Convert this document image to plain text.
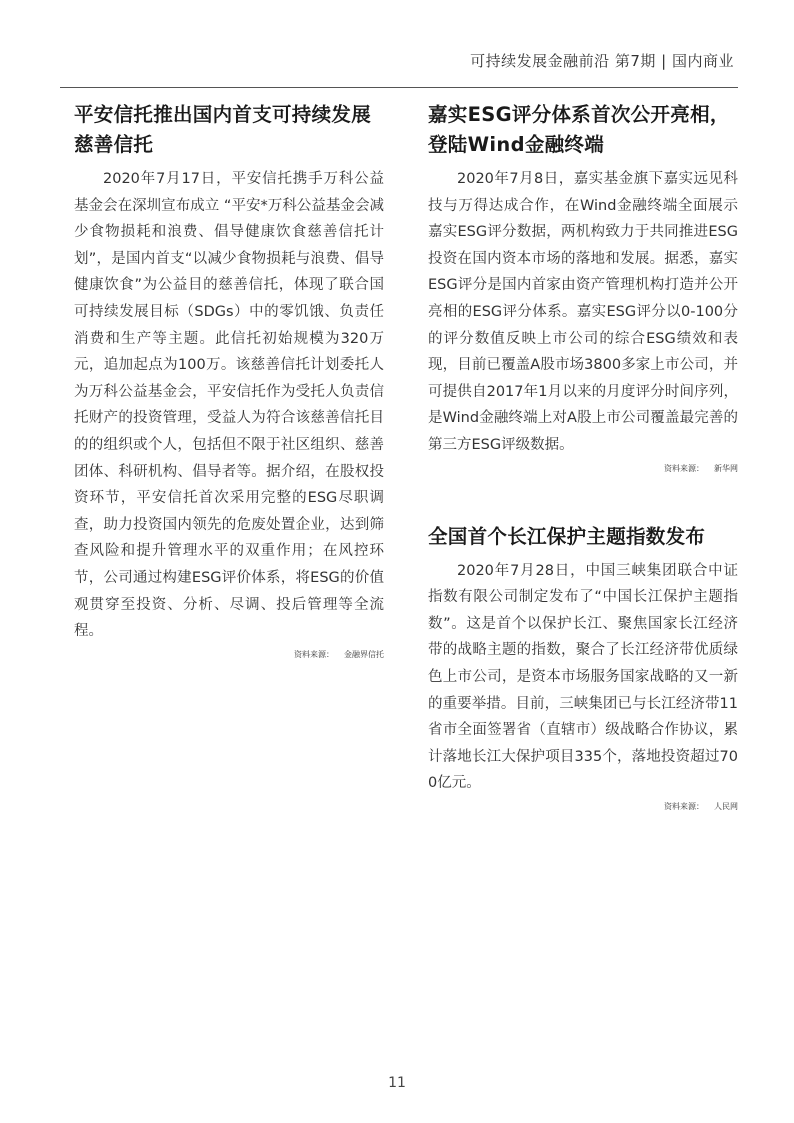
可持续发展金融前沿 第7期 | 国内商业
平安信托推出国内首支可持续发展慈善信托

2020年7月17日，平安信托携手万科公益基金会在深圳宣布成立 “平安*万科公益基金会减少食物损耗和浪费、倡导健康饮食慈善信托计划”，是国内首支“以减少食物损耗与浪费、倡导健康饮食”为公益目的慈善信托，体现了联合国可持续发展目标（SDGs）中的零饥饿、负责任消费和生产等主题。此信托初始规模为320万元，追加起点为100万。该慈善信托计划委托人为万科公益基金会，平安信托作为受托人负责信托财产的投资管理，受益人为符合该慈善信托目的的组织或个人，包括但不限于社区组织、慈善团体、科研机构、倡导者等。据介绍，在股权投资环节，平安信托首次采用完整的ESG尽职调查，助力投资国内领先的危废处置企业，达到筛查风险和提升管理水平的双重作用；在风控环节，公司通过构建ESG评价体系，将ESG的价值观贯穿至投资、分析、尽调、投后管理等全流程。

资料来源： 金融界信托
嘉实ESG评分体系首次公开亮相，登陆Wind金融终端

2020年7月8日，嘉实基金旗下嘉实远见科技与万得达成合作，在Wind金融终端全面展示嘉实ESG评分数据，两机构致力于共同推进ESG投资在国内资本市场的落地和发展。据悉，嘉实ESG评分是国内首家由资产管理机构打造并公开亮相的ESG评分体系。嘉实ESG评分以0-100分的评分数值反映上市公司的综合ESG绩效和表现，目前已覆盖A股市场3800多家上市公司，并可提供自2017年1月以来的月度评分时间序列，是Wind金融终端上对A股上市公司覆盖最完善的第三方ESG评级数据。

资料来源： 新华网
全国首个长江保护主题指数发布

2020年7月28日，中国三峡集团联合中证指数有限公司制定发布了“中国长江保护主题指数”。这是首个以保护长江、聚焦国家长江经济带的战略主题的指数，聚合了长江经济带优质绿色上市公司，是资本市场服务国家战略的又一新的重要举措。目前，三峡集团已与长江经济带11省市全面签署省（直辖市）级战略合作协议，累计落地长江大保护项目335个，落地投资超过700亿元。

资料来源： 人民网
11
